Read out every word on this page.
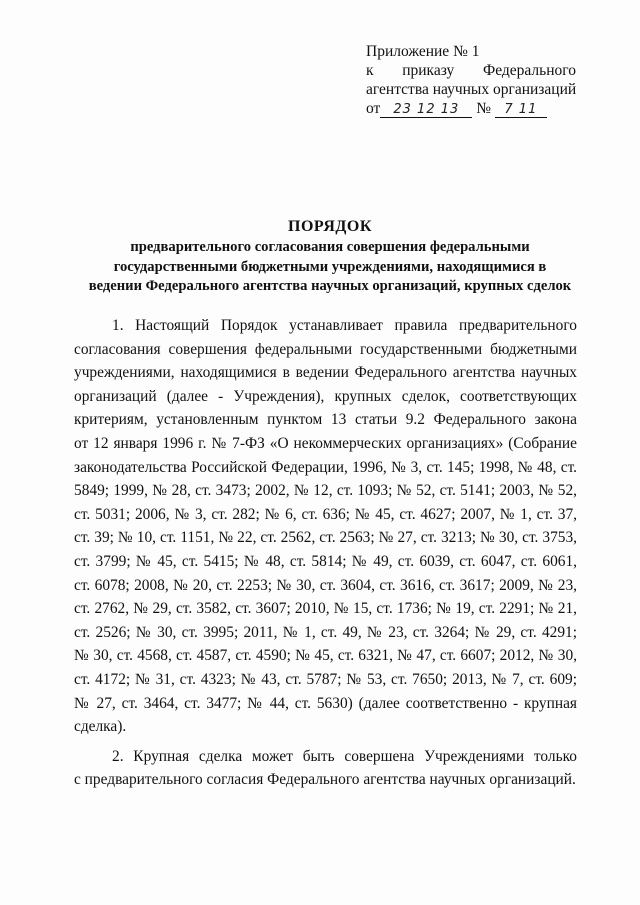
Приложение № 1
к приказу Федерального
агентства научных организаций
от 23 12 13 № 7 11
ПОРЯДОК
предварительного согласования совершения федеральными
государственными бюджетными учреждениями, находящимися в
ведении Федерального агентства научных организаций, крупных сделок
1. Настоящий Порядок устанавливает правила предварительного
согласования совершения федеральными государственными бюджетными
учреждениями, находящимися в ведении Федерального агентства научных
организаций (далее - Учреждения), крупных сделок, соответствующих
критериям, установленным пунктом 13 статьи 9.2 Федерального закона
от 12 января 1996 г. № 7-ФЗ «О некоммерческих организациях» (Собрание
законодательства Российской Федерации, 1996, № 3, ст. 145; 1998, № 48, ст.
5849; 1999, № 28, ст. 3473; 2002, № 12, ст. 1093; № 52, ст. 5141; 2003, № 52,
ст. 5031; 2006, № 3, ст. 282; № 6, ст. 636; № 45, ст. 4627; 2007, № 1, ст. 37,
ст. 39; № 10, ст. 1151, № 22, ст. 2562, ст. 2563; № 27, ст. 3213; № 30, ст. 3753,
ст. 3799; № 45, ст. 5415; № 48, ст. 5814; № 49, ст. 6039, ст. 6047, ст. 6061,
ст. 6078; 2008, № 20, ст. 2253; № 30, ст. 3604, ст. 3616, ст. 3617; 2009, № 23,
ст. 2762, № 29, ст. 3582, ст. 3607; 2010, № 15, ст. 1736; № 19, ст. 2291; № 21,
ст. 2526; № 30, ст. 3995; 2011, № 1, ст. 49, № 23, ст. 3264; № 29, ст. 4291;
№ 30, ст. 4568, ст. 4587, ст. 4590; № 45, ст. 6321, № 47, ст. 6607; 2012, № 30,
ст. 4172; № 31, ст. 4323; № 43, ст. 5787; № 53, ст. 7650; 2013, № 7, ст. 609;
№ 27, ст. 3464, ст. 3477; № 44, ст. 5630) (далее соответственно - крупная
сделка).
2. Крупная сделка может быть совершена Учреждениями только
с предварительного согласия Федерального агентства научных организаций.
